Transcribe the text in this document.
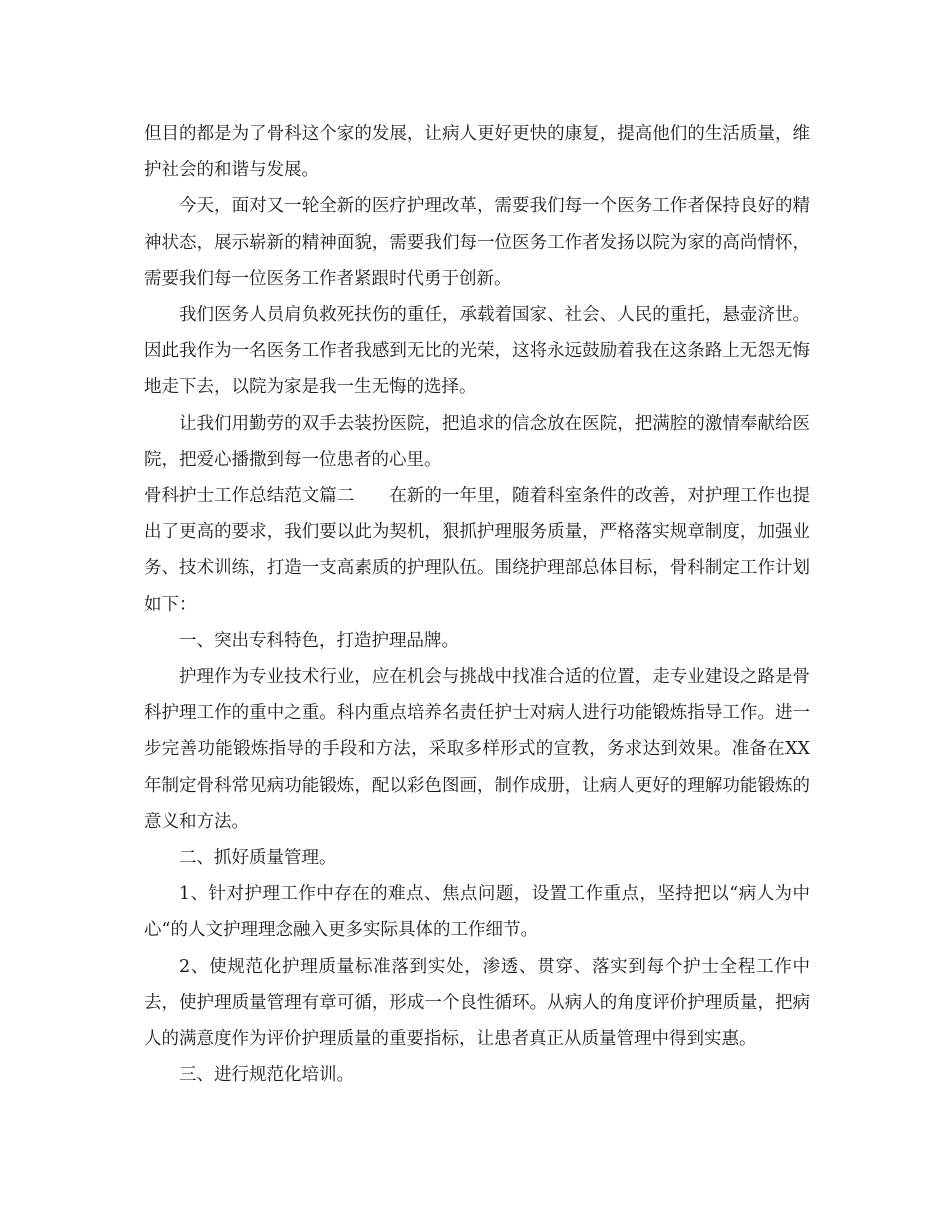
但目的都是为了骨科这个家的发展，让病人更好更快的康复，提高他们的生活质量，维护社会的和谐与发展。

今天，面对又一轮全新的医疗护理改革，需要我们每一个医务工作者保持良好的精神状态，展示崭新的精神面貌，需要我们每一位医务工作者发扬以院为家的高尚情怀，需要我们每一位医务工作者紧跟时代勇于创新。

我们医务人员肩负救死扶伤的重任，承载着国家、社会、人民的重托，悬壶济世。因此我作为一名医务工作者我感到无比的光荣，这将永远鼓励着我在这条路上无怨无悔地走下去，以院为家是我一生无悔的选择。

让我们用勤劳的双手去装扮医院，把追求的信念放在医院，把满腔的激情奉献给医院，把爱心播撒到每一位患者的心里。

骨科护士工作总结范文篇二 在新的一年里，随着科室条件的改善，对护理工作也提出了更高的要求，我们要以此为契机，狠抓护理服务质量，严格落实规章制度，加强业务、技术训练，打造一支高素质的护理队伍。围绕护理部总体目标，骨科制定工作计划如下：

一、突出专科特色，打造护理品牌。

护理作为专业技术行业，应在机会与挑战中找准合适的位置，走专业建设之路是骨科护理工作的重中之重。科内重点培养名责任护士对病人进行功能锻炼指导工作。进一步完善功能锻炼指导的手段和方法，采取多样形式的宣教，务求达到效果。准备在XX年制定骨科常见病功能锻炼，配以彩色图画，制作成册，让病人更好的理解功能锻炼的意义和方法。

二、抓好质量管理。

1、针对护理工作中存在的难点、焦点问题，设置工作重点，坚持把以“病人为中心“的人文护理理念融入更多实际具体的工作细节。

2、使规范化护理质量标准落到实处，渗透、贯穿、落实到每个护士全程工作中去，使护理质量管理有章可循，形成一个良性循环。从病人的角度评价护理质量，把病人的满意度作为评价护理质量的重要指标，让患者真正从质量管理中得到实惠。

三、进行规范化培训。
